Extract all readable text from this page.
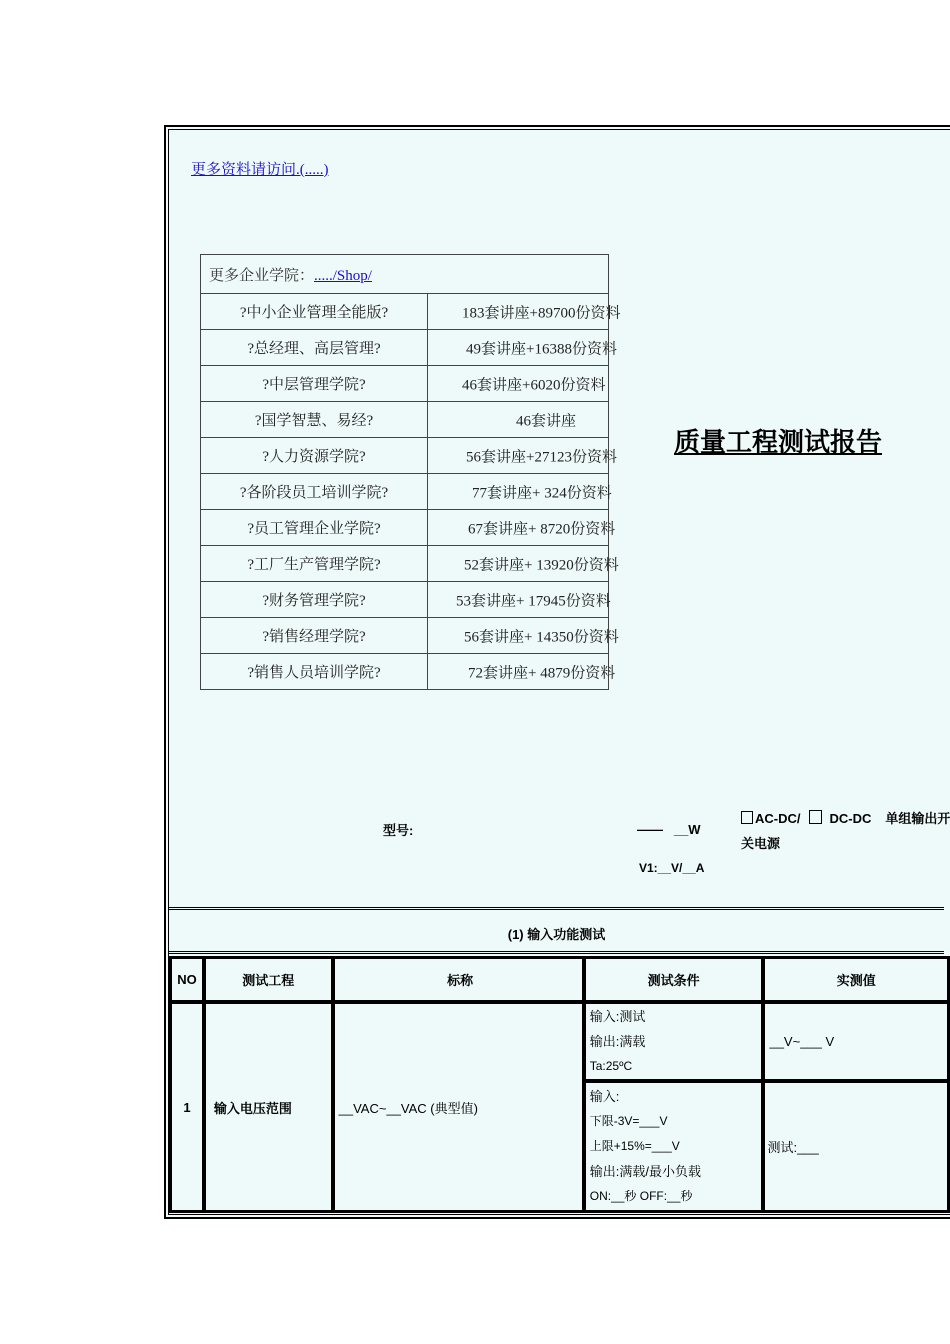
更多资料请访问.(.....)
更多企业学院：...../Shop/	
?中小企业管理全能版?	183套讲座+89700份资料

?总经理、高层管理?	49套讲座+16388份资料

?中层管理学院?	46套讲座+6020份资料

?国学智慧、易经?	46套讲座

?人力资源学院?	56套讲座+27123份资料

?各阶段员工培训学院?	77套讲座+ 324份资料

?员工管理企业学院?	67套讲座+ 8720份资料

?工厂生产管理学院?	52套讲座+ 13920份资料

?财务管理学院?	53套讲座+ 17945份资料

?销售经理学院?	56套讲座+ 14350份资料

?销售人员培训学院?	72套讲座+ 4879份资料
质量工程测试报告
型号:	——   __W
V1:__V/__A
AC-DC/ DC-DC 单组输出开
关电源
(1) 输入功能测试
NO	测试工程	标称	测试条件	实测值
1	输入电压范围	__VAC~__VAC (典型值)	输入:测试
输出:满载
Ta:25ºC	__V~___ V

			输入:
下限-3V=___V
上限+15%=___V
输出:满载/最小负载
ON:__秒 OFF:__秒	测试:___
